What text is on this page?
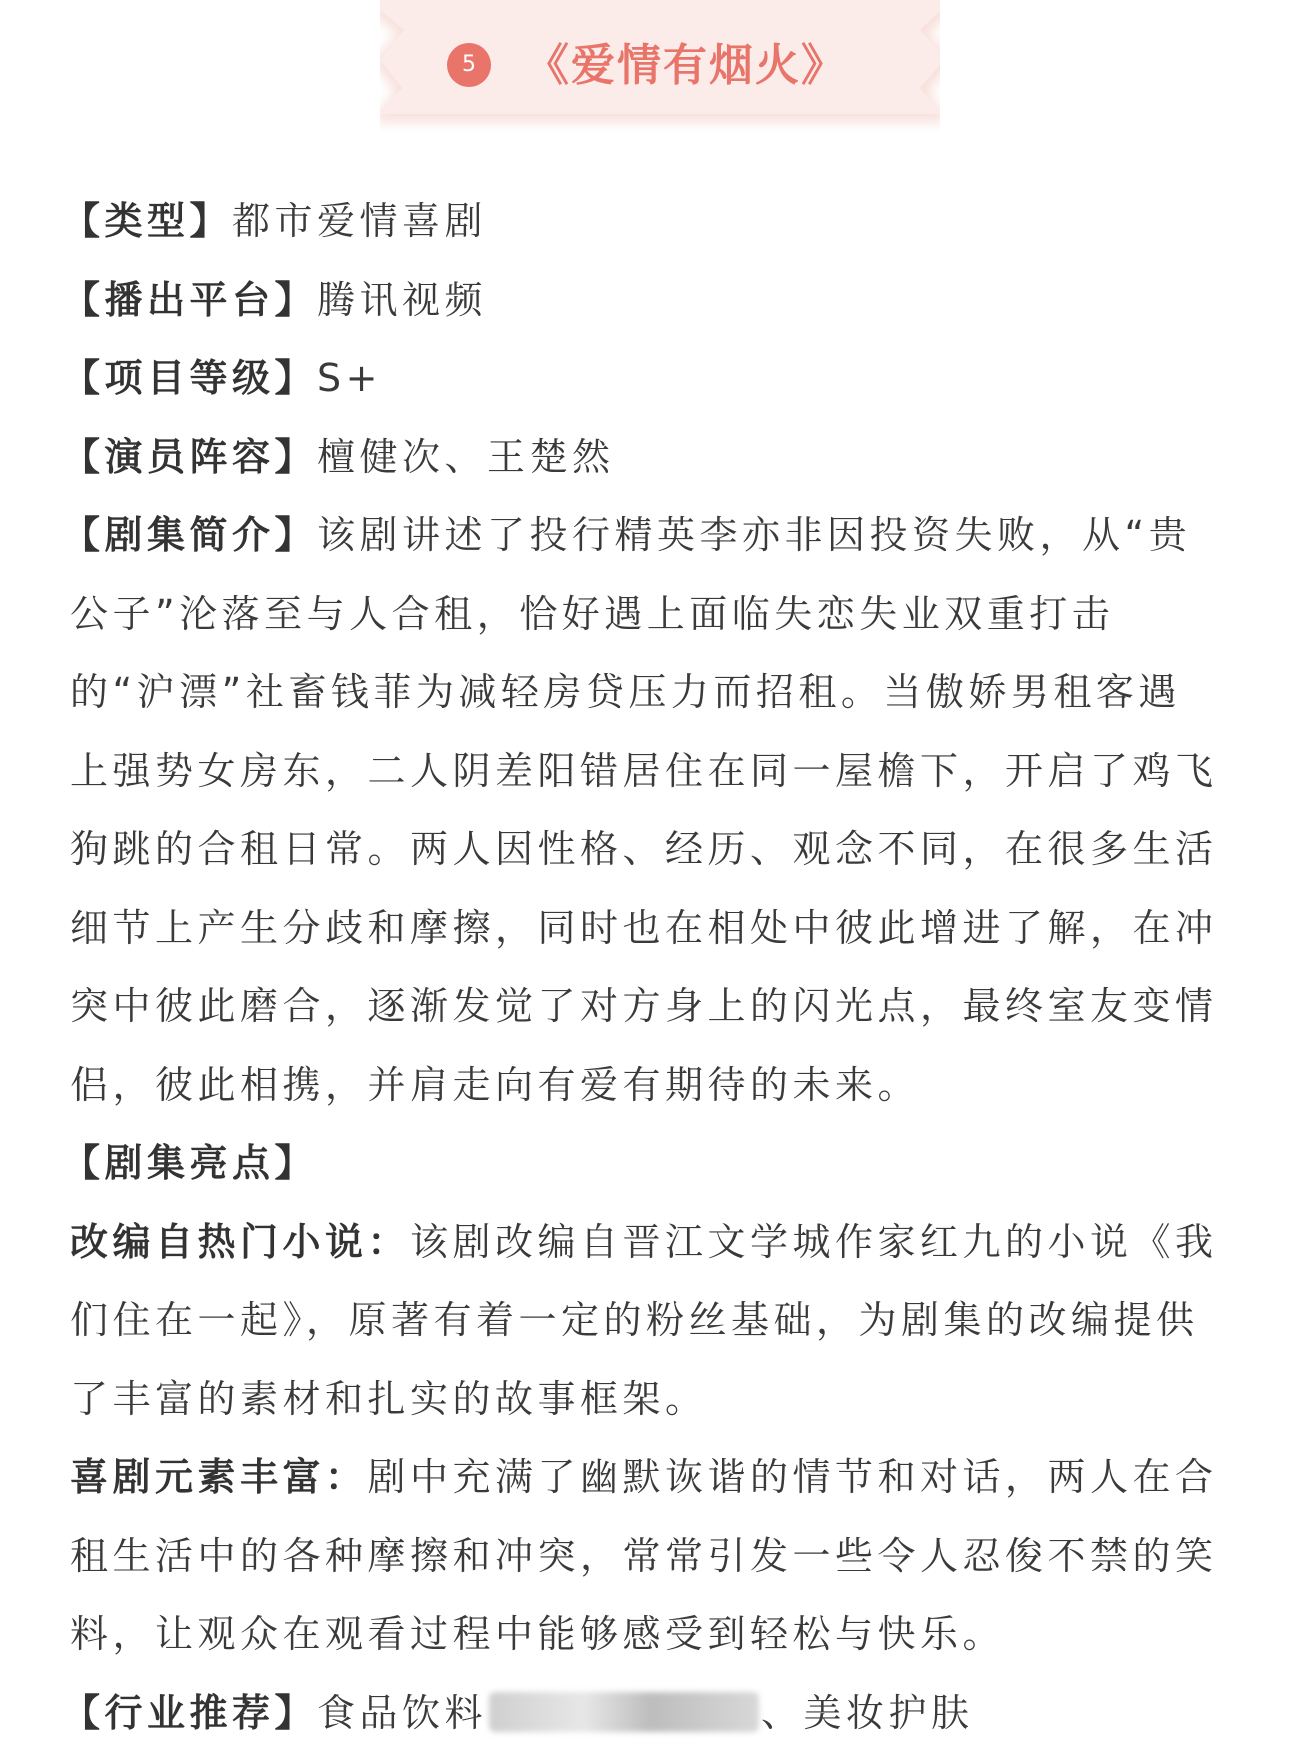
5	《爱情有烟火》

【类型】都市爱情喜剧

【播出平台】腾讯视频

【项目等级】S+

【演员阵容】檀健次、王楚然

【剧集简介】该剧讲述了投行精英李亦非因投资失败，从“贵公子”沦落至与人合租，恰好遇上面临失恋失业双重打击的“沪漂”社畜钱菲为减轻房贷压力而招租。当傲娇男租客遇上强势女房东，二人阴差阳错居住在同一屋檐下，开启了鸡飞狗跳的合租日常。两人因性格、经历、观念不同，在很多生活细节上产生分歧和摩擦，同时也在相处中彼此增进了解，在冲突中彼此磨合，逐渐发觉了对方身上的闪光点，最终室友变情侣，彼此相携，并肩走向有爱有期待的未来。

【剧集亮点】

改编自热门小说：该剧改编自晋江文学城作家红九的小说《我们住在一起》，原著有着一定的粉丝基础，为剧集的改编提供了丰富的素材和扎实的故事框架。

喜剧元素丰富：剧中充满了幽默诙谐的情节和对话，两人在合租生活中的各种摩擦和冲突，常常引发一些令人忍俊不禁的笑料，让观众在观看过程中能够感受到轻松与快乐。

【行业推荐】食品饮料	、美妆护肤
